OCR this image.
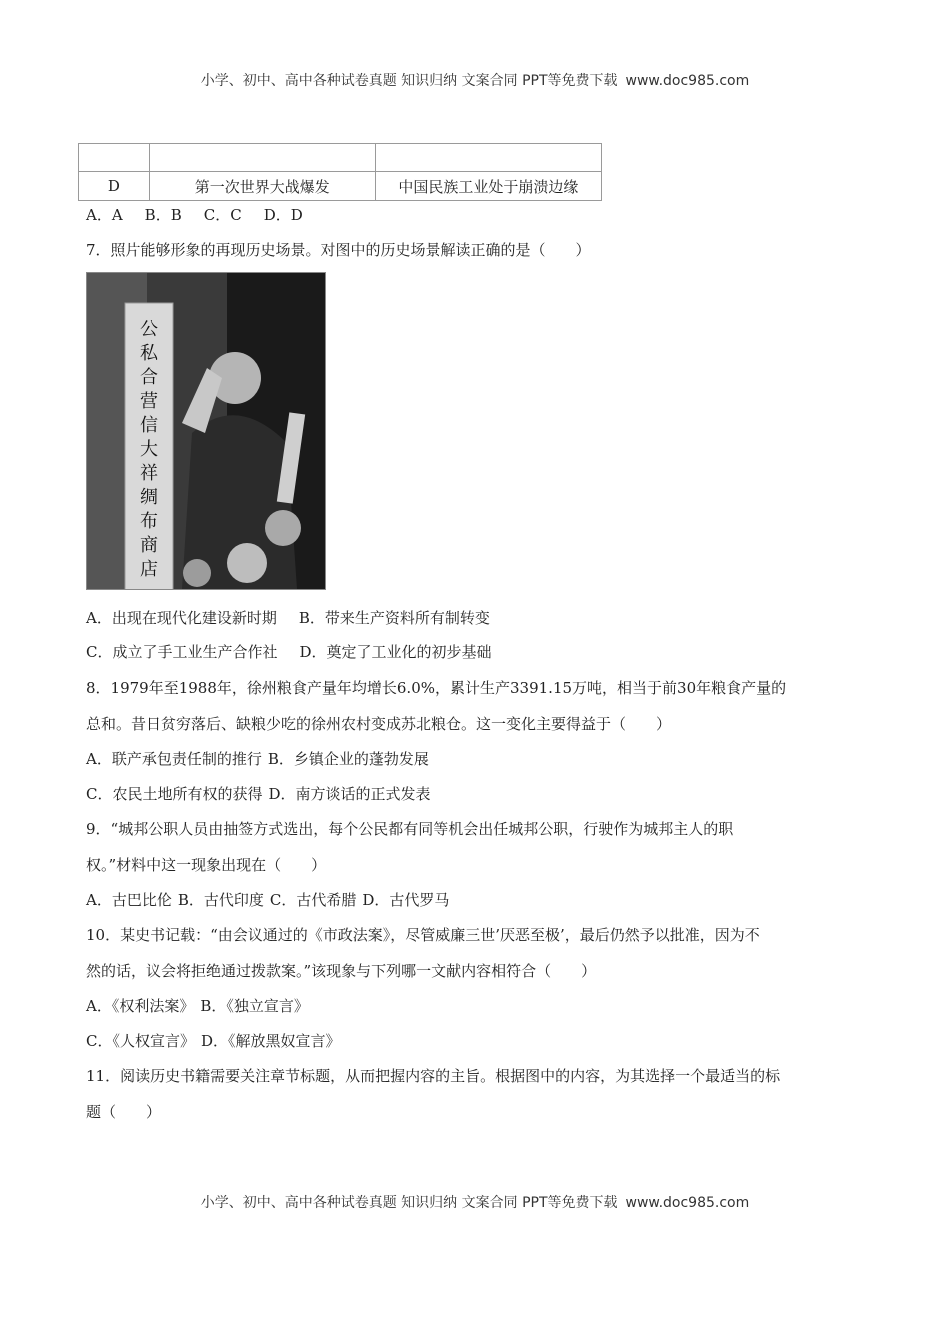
小学、初中、高中各种试卷真题 知识归纳 文案合同 PPT等免费下载 www.doc985.com

D	第一次世界大战爆发	中国民族工业处于崩溃边缘
A．A B．B C．C D．D
7．照片能够形象的再现历史场景。对图中的历史场景解读正确的是（　　）
公私合营信大祥绸布商店
A．出现在现代化建设新时期 B．带来生产资料所有制转变
C．成立了手工业生产合作社 D．奠定了工业化的初步基础
8．1979年至1988年，徐州粮食产量年均增长6.0%，累计生产3391.15万吨，相当于前30年粮食产量的
总和。昔日贫穷落后、缺粮少吃的徐州农村变成苏北粮仓。这一变化主要得益于（　　）
A．联产承包责任制的推行 B．乡镇企业的蓬勃发展
C．农民土地所有权的获得 D．南方谈话的正式发表
9．“城邦公职人员由抽签方式选出，每个公民都有同等机会出任城邦公职，行驶作为城邦主人的职
权。”材料中这一现象出现在（　　）
A．古巴比伦 B．古代印度 C．古代希腊 D．古代罗马
10．某史书记载：“由会议通过的《市政法案》，尽管威廉三世’厌恶至极’，最后仍然予以批准，因为不
然的话，议会将拒绝通过拨款案。”该现象与下列哪一文献内容相符合（　　）
A．《权利法案》 B．《独立宣言》
C．《人权宣言》 D．《解放黑奴宣言》
11．阅读历史书籍需要关注章节标题，从而把握内容的主旨。根据图中的内容，为其选择一个最适当的标
题（　　）
小学、初中、高中各种试卷真题 知识归纳 文案合同 PPT等免费下载 www.doc985.com
